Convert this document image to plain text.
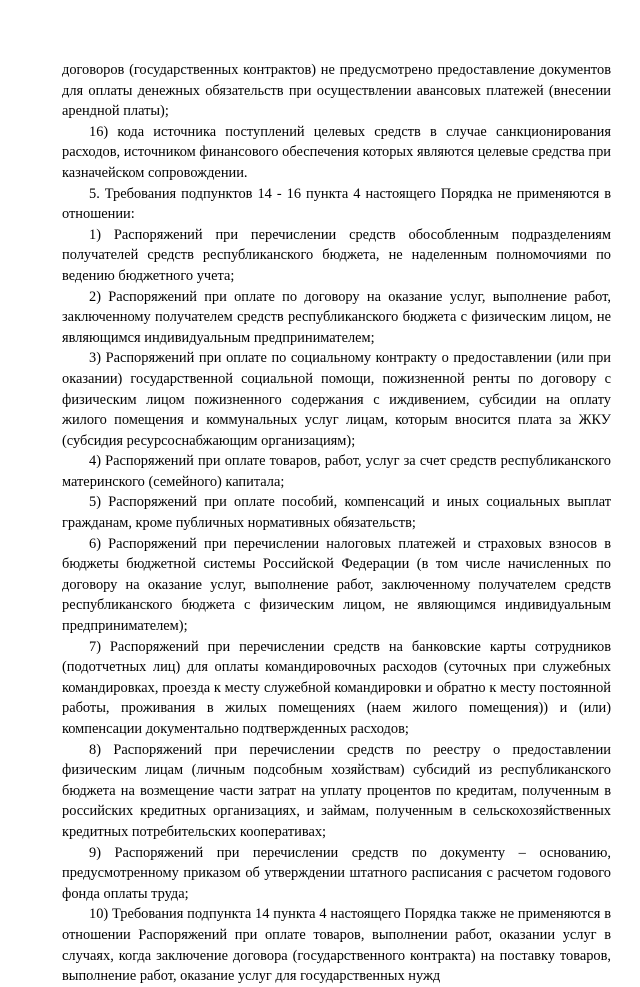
договоров (государственных контрактов) не предусмотрено предоставление документов для оплаты денежных обязательств при осуществлении авансовых платежей (внесении арендной платы);

16) кода источника поступлений целевых средств в случае санкционирования расходов, источником финансового обеспечения которых являются целевые средства при казначейском сопровождении.

5. Требования подпунктов 14 - 16 пункта 4 настоящего Порядка не применяются в отношении:

1) Распоряжений при перечислении средств обособленным подразделениям получателей средств республиканского бюджета, не наделенным полномочиями по ведению бюджетного учета;

2) Распоряжений при оплате по договору на оказание услуг, выполнение работ, заключенному получателем средств республиканского бюджета с физическим лицом, не являющимся индивидуальным предпринимателем;

3) Распоряжений при оплате по социальному контракту о предоставлении (или при оказании) государственной социальной помощи, пожизненной ренты по договору с физическим лицом пожизненного содержания с иждивением, субсидии на оплату жилого помещения и коммунальных услуг лицам, которым вносится плата за ЖКУ (субсидия ресурсоснабжающим организациям);

4) Распоряжений при оплате товаров, работ, услуг за счет средств республиканского материнского (семейного) капитала;

5) Распоряжений при оплате пособий, компенсаций и иных социальных выплат гражданам, кроме публичных нормативных обязательств;

6) Распоряжений при перечислении налоговых платежей и страховых взносов в бюджеты бюджетной системы Российской Федерации (в том числе начисленных по договору на оказание услуг, выполнение работ, заключенному получателем средств республиканского бюджета с физическим лицом, не являющимся индивидуальным предпринимателем);

7) Распоряжений при перечислении средств на банковские карты сотрудников (подотчетных лиц) для оплаты командировочных расходов (суточных при служебных командировках, проезда к месту служебной командировки и обратно к месту постоянной работы, проживания в жилых помещениях (наем жилого помещения)) и (или) компенсации документально подтвержденных расходов;

8) Распоряжений при перечислении средств по реестру о предоставлении физическим лицам (личным подсобным хозяйствам) субсидий из республиканского бюджета на возмещение части затрат на уплату процентов по кредитам, полученным в российских кредитных организациях, и займам, полученным в сельскохозяйственных кредитных потребительских кооперативах;

9) Распоряжений при перечислении средств по документу – основанию, предусмотренному приказом об утверждении штатного расписания с расчетом годового фонда оплаты труда;

10) Требования подпункта 14 пункта 4 настоящего Порядка также не применяются в отношении Распоряжений при оплате товаров, выполнении работ, оказании услуг в случаях, когда заключение договора (государственного контракта) на поставку товаров, выполнение работ, оказание услуг для государственных нужд
